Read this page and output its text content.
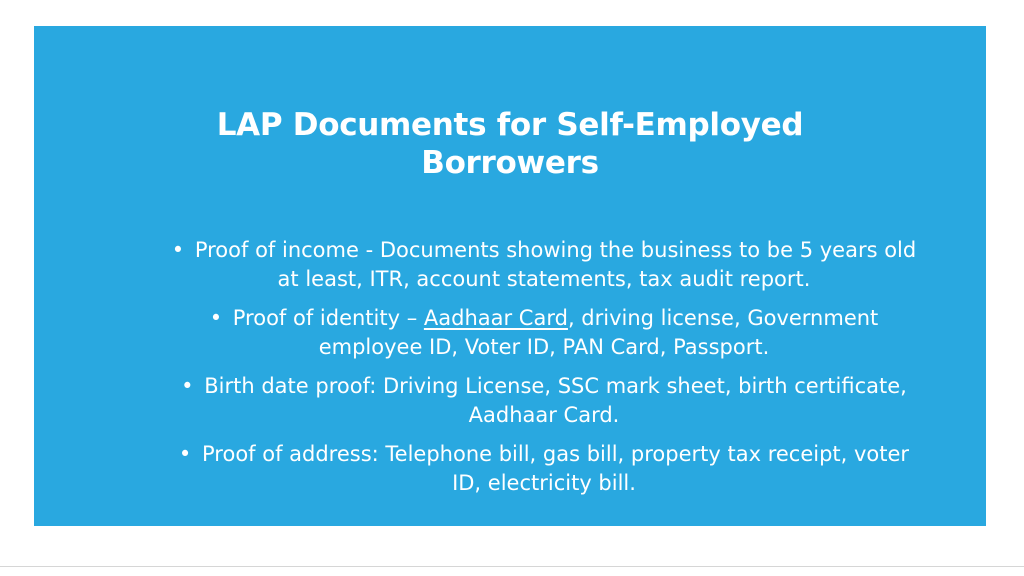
LAP Documents for Self-Employed Borrowers
• Proof of income - Documents showing the business to be 5 years old at least, ITR, account statements, tax audit report.
• Proof of identity – Aadhaar Card, driving license, Government employee ID, Voter ID, PAN Card, Passport.
• Birth date proof: Driving License, SSC mark sheet, birth certificate, Aadhaar Card.
• Proof of address: Telephone bill, gas bill, property tax receipt, voter ID, electricity bill.
